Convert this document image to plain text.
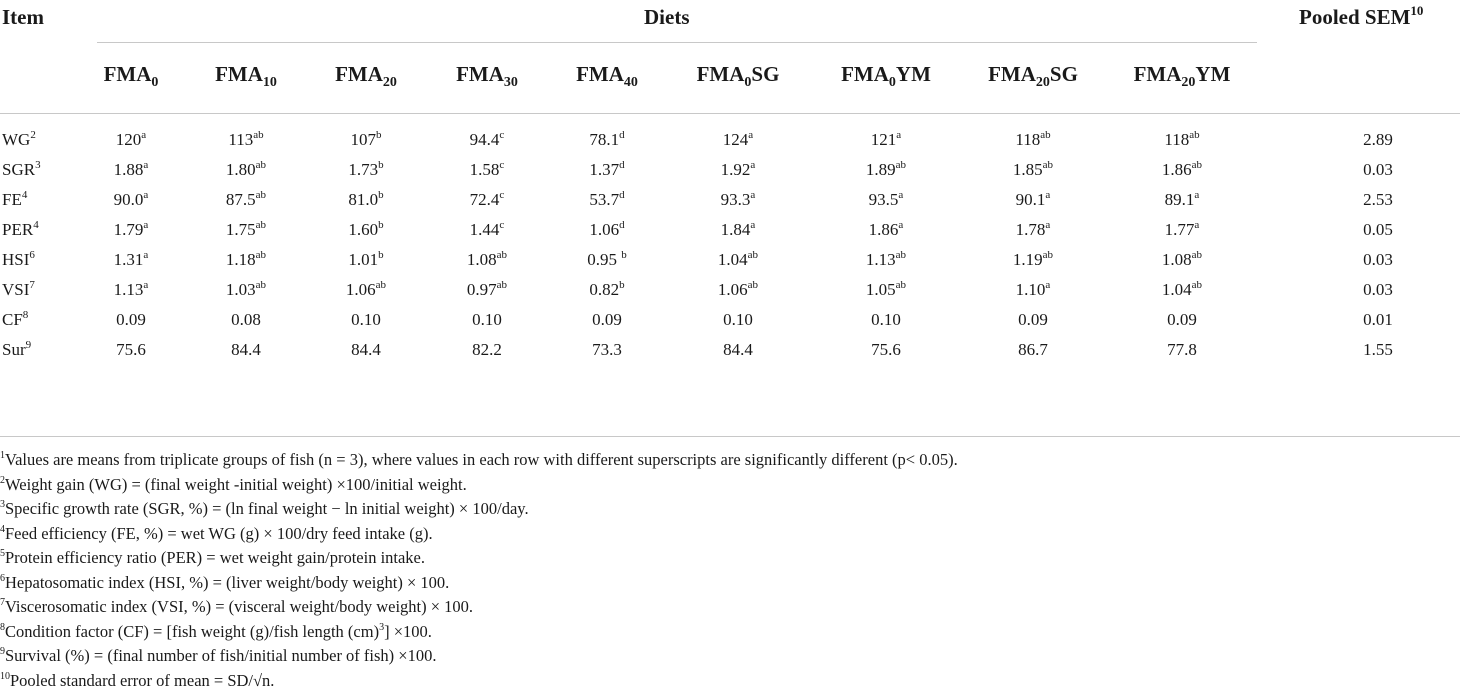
Item	Diets	Pooled SEM$^{10}$
$FMA_0$	$FMA_{10}$	$FMA_{20}$	$FMA_{30}$	$FMA_{40}$	$FMA_0SG$	$FMA_0YM$	$FMA_{20}SG$	$FMA_{20}YM$
$WG^2$	120$^a$	$113^{ab}$	107$^b$	94.4$^c$	78.1$^d$	124$^a$	121$^a$	$118^{ab}$	$118^{ab}$	2.89
SGR$^3$	1.88$^a$	1.80$^{ab}$	1.73$^b$	1.58$^c$	1.37$^d$	1.92$^a$	1.89$^{ab}$	1.85$^{ab}$	1.86$^{ab}$	0.03
$FE^4$	90.0$^a$	87.5$^{ab}$	81.0$^b$	72.4$^c$	53.7$^d$	93.3$^a$	93.5$^a$	90.1$^a$	89.1$^a$	2.53
PER$^4$	1.79$^a$	1.75$^{ab}$	1.60$^b$	1.44$^c$	1.06$^d$	1.84$^a$	1.86$^a$	1.78$^a$	1.77$^a$	0.05
HSI$^6$	1.31$^a$	1.18$^{ab}$	1.01$^b$	1.08$^{ab}$	0.95 $^b$	1.04$^{ab}$	1.13$^{ab}$	1.19$^{ab}$	1.08$^{ab}$	0.03
VSI$^7$	1.13$^a$	1.03$^{ab}$	1.06$^{ab}$	0.97$^{ab}$	0.82$^b$	1.06$^{ab}$	1.05$^{ab}$	1.10$^a$	1.04$^{ab}$	0.03
$CF^8$	0.09	0.08	0.10	0.10	0.09	0.10	0.10	0.09	0.09	0.01
Sur$^9$	75.6	84.4	84.4	82.2	73.3	84.4	75.6	86.7	77.8	1.55
$^1$Values are means from triplicate groups of fish (n = 3), where values in each row with different superscripts are significantly different (p< 0.05).
$^2$Weight gain (WG) = (final weight -initial weight) ×100/initial weight.
$^3$Specific growth rate (SGR, %) = (ln final weight − ln initial weight) × 100/day.
$^4$Feed efficiency (FE, %) = wet WG (g) × 100/dry feed intake (g).
$^5$Protein efficiency ratio (PER) = wet weight gain/protein intake.
$^6$Hepatosomatic index (HSI, %) = (liver weight/body weight) × 100.
$^7$Viscerosomatic index (VSI, %) = (visceral weight/body weight) × 100.
$^8$Condition factor (CF) = [fish weight (g)/fish length (cm)$^3$] ×100.
$^9$Survival (%) = (final number of fish/initial number of fish) ×100.
$^{10}$Pooled standard error of mean = SD/√n.
